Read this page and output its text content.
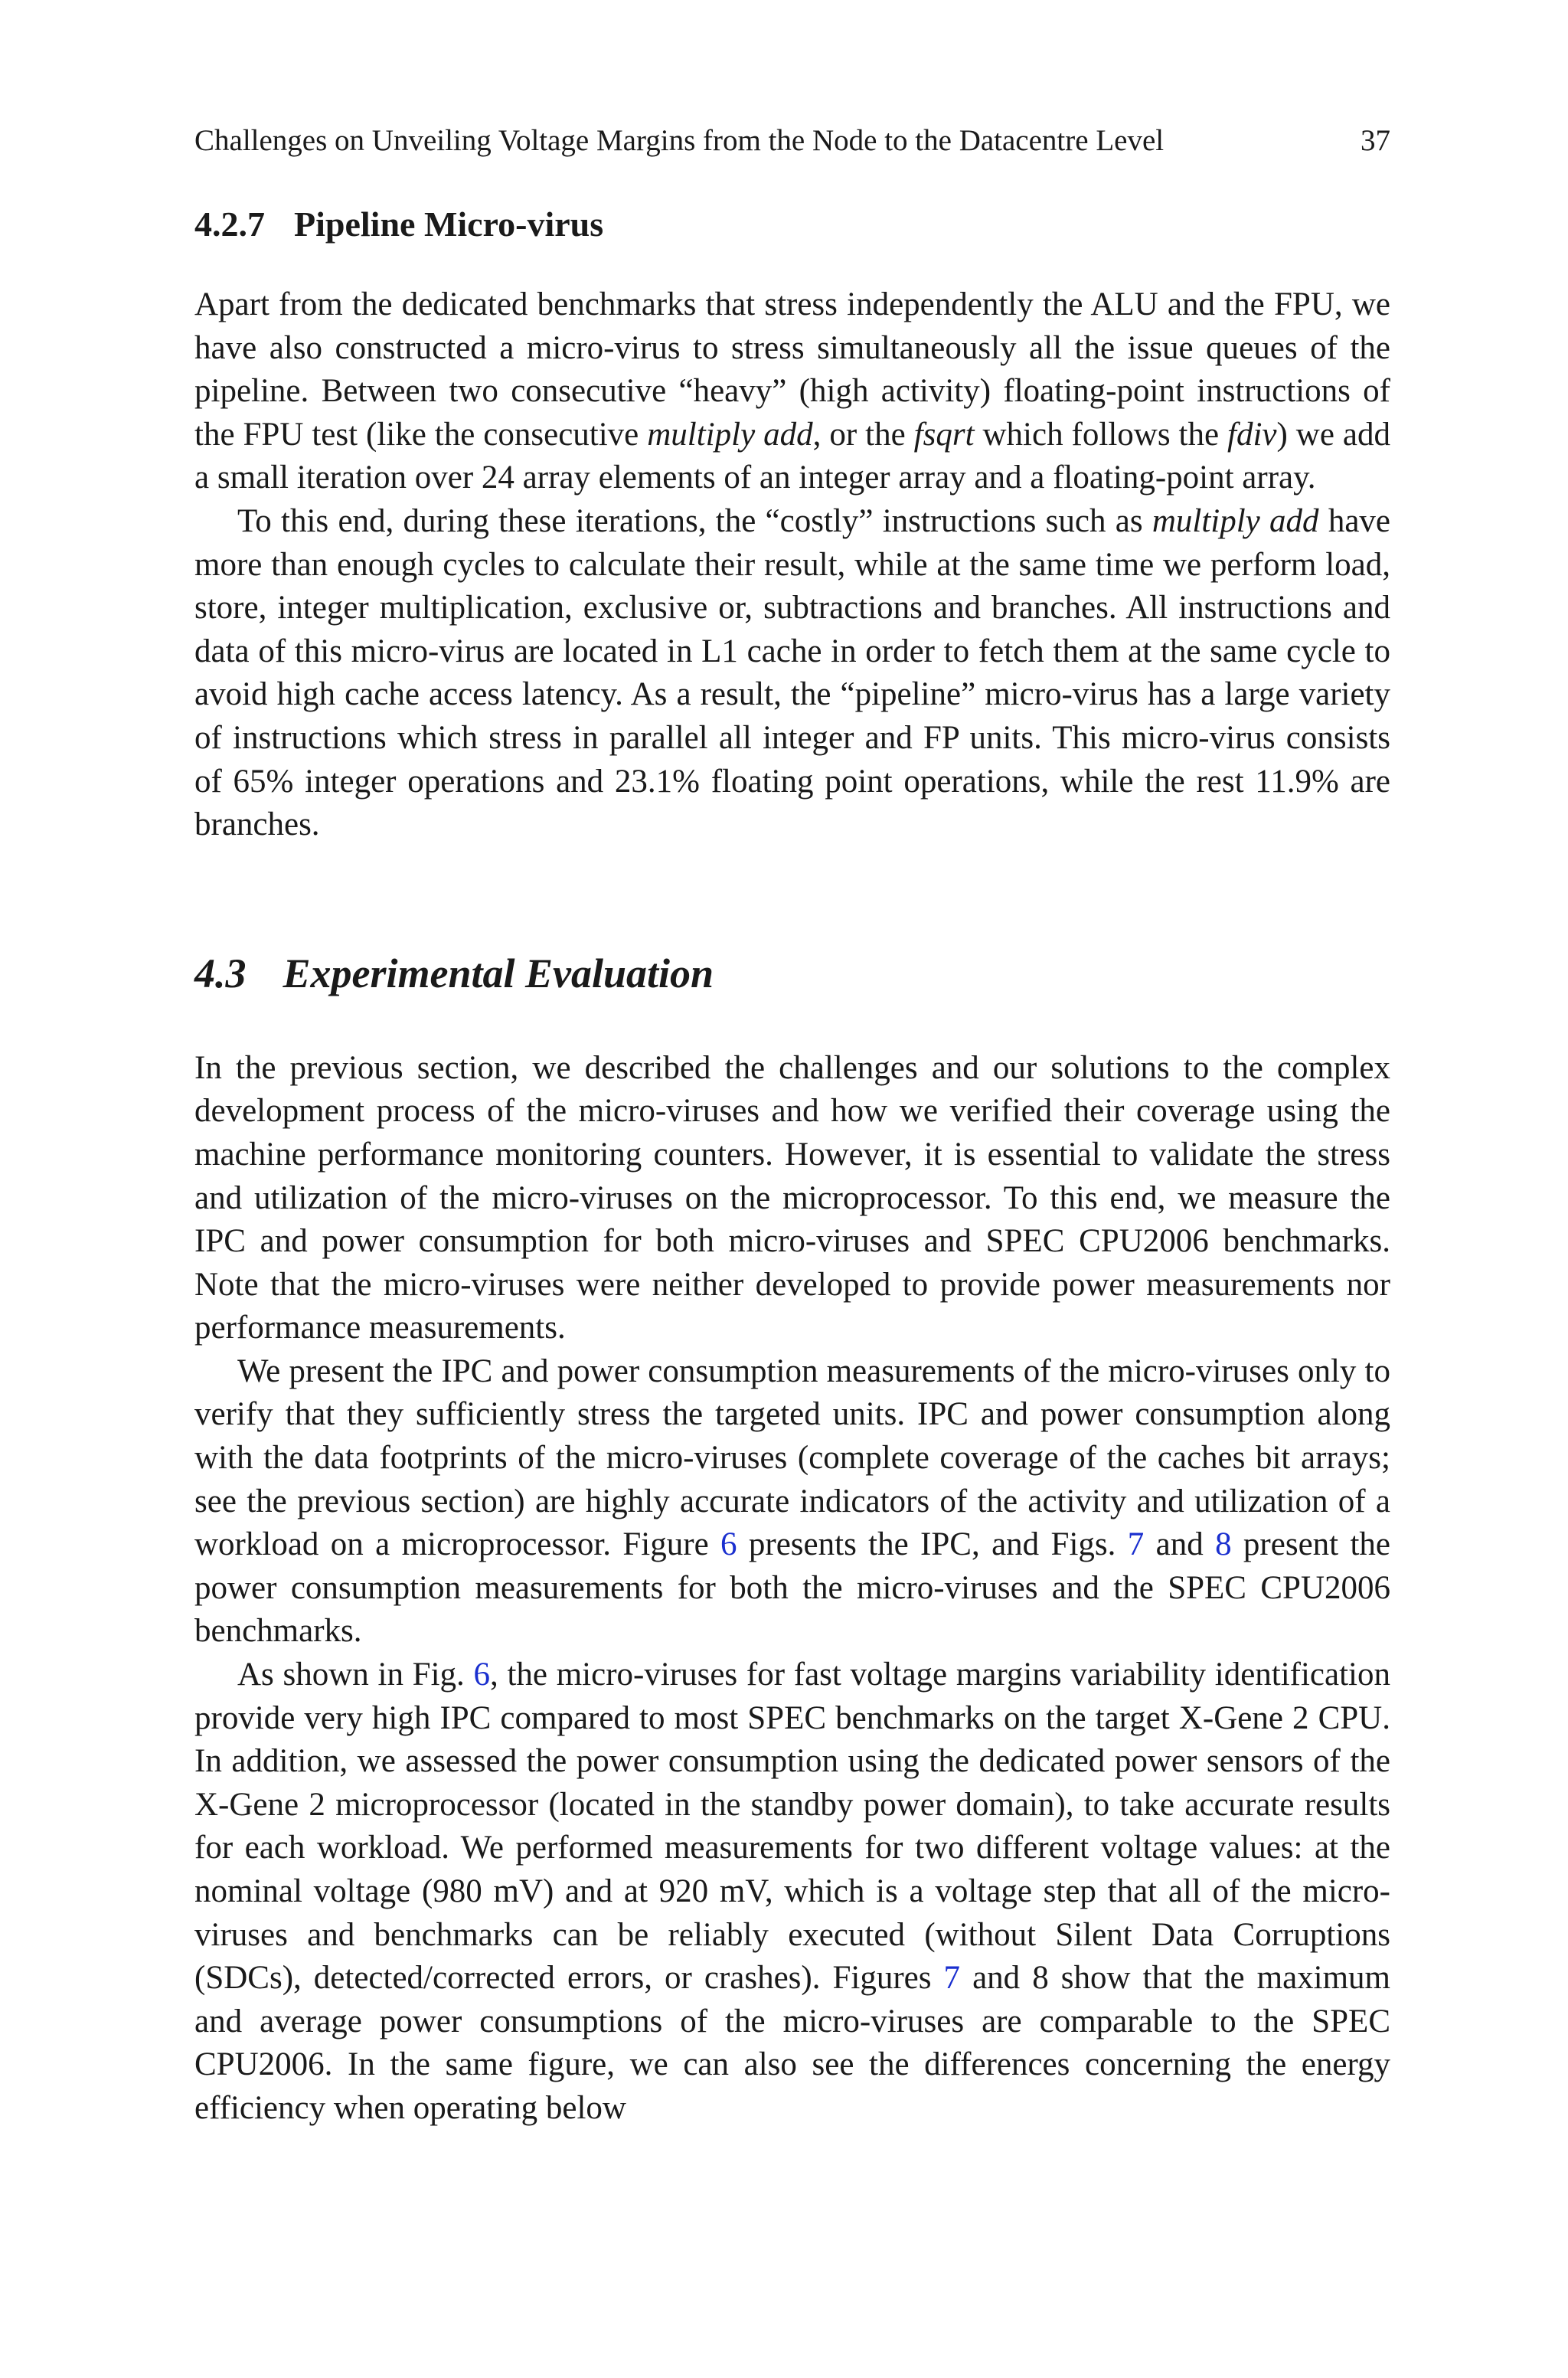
Challenges on Unveiling Voltage Margins from the Node to the Datacentre Level	37
4.2.7 Pipeline Micro-virus

Apart from the dedicated benchmarks that stress independently the ALU and the FPU, we have also constructed a micro-virus to stress simultaneously all the issue queues of the pipeline. Between two consecutive “heavy” (high activity) floating-point instructions of the FPU test (like the consecutive multiply add, or the fsqrt which follows the fdiv) we add a small iteration over 24 array elements of an integer array and a floating-point array.

To this end, during these iterations, the “costly” instructions such as multiply add have more than enough cycles to calculate their result, while at the same time we perform load, store, integer multiplication, exclusive or, subtractions and branches. All instructions and data of this micro-virus are located in L1 cache in order to fetch them at the same cycle to avoid high cache access latency. As a result, the “pipeline” micro-virus has a large variety of instructions which stress in parallel all integer and FP units. This micro-virus consists of 65% integer operations and 23.1% floating point operations, while the rest 11.9% are branches.

4.3 Experimental Evaluation

In the previous section, we described the challenges and our solutions to the complex development process of the micro-viruses and how we verified their coverage using the machine performance monitoring counters. However, it is essential to validate the stress and utilization of the micro-viruses on the microprocessor. To this end, we measure the IPC and power consumption for both micro-viruses and SPEC CPU2006 benchmarks. Note that the micro-viruses were neither developed to provide power measurements nor performance measurements.

We present the IPC and power consumption measurements of the micro-viruses only to verify that they sufficiently stress the targeted units. IPC and power consumption along with the data footprints of the micro-viruses (complete coverage of the caches bit arrays; see the previous section) are highly accurate indicators of the activity and utilization of a workload on a microprocessor. Figure 6 presents the IPC, and Figs. 7 and 8 present the power consumption measurements for both the micro-viruses and the SPEC CPU2006 benchmarks.

As shown in Fig. 6, the micro-viruses for fast voltage margins variability identification provide very high IPC compared to most SPEC benchmarks on the target X-Gene 2 CPU. In addition, we assessed the power consumption using the dedicated power sensors of the X-Gene 2 microprocessor (located in the standby power domain), to take accurate results for each workload. We performed measurements for two different voltage values: at the nominal voltage (980 mV) and at 920 mV, which is a voltage step that all of the micro-viruses and benchmarks can be reliably executed (without Silent Data Corruptions (SDCs), detected/corrected errors, or crashes). Figures 7 and 8 show that the maximum and average power consumptions of the micro-viruses are comparable to the SPEC CPU2006. In the same figure, we can also see the differences concerning the energy efficiency when operating below
